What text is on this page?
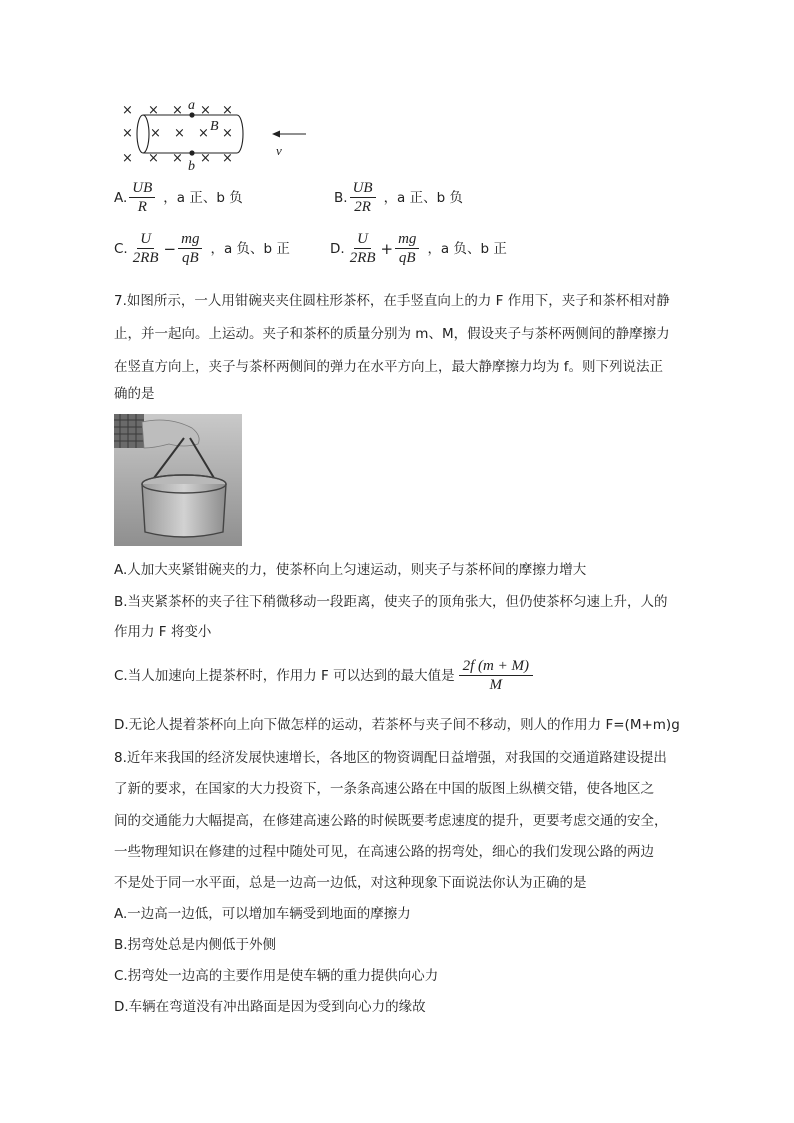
× × × × ×
× × × × ×
× × × × ×
a
b
B
v
A. $\frac{UB}{R}$ ，a 正、b 负	B. $\frac{UB}{2R}$ ，a 正、b 负
C. $\frac{U}{2RB} - \frac{mg}{qB}$ ，a 负、b 正	D. $\frac{U}{2RB} + \frac{mg}{qB}$ ，a 负、b 正
7.如图所示，一人用钳碗夹夹住圆柱形茶杯，在手竖直向上的力 F 作用下，夹子和茶杯相对静
止，并一起向。上运动。夹子和茶杯的质量分别为 m、M，假设夹子与茶杯两侧间的静摩擦力
在竖直方向上，夹子与茶杯两侧间的弹力在水平方向上，最大静摩擦力均为 f。则下列说法正
确的是
A.人加大夹紧钳碗夹的力，使茶杯向上匀速运动，则夹子与茶杯间的摩擦力增大
B.当夹紧茶杯的夹子往下稍微移动一段距离，使夹子的顶角张大，但仍使茶杯匀速上升，人的
作用力 F 将变小
C.当人加速向上提茶杯时，作用力 F 可以达到的最大值是 $\frac{2f (m + M)}{M}$
D.无论人提着茶杯向上向下做怎样的运动，若茶杯与夹子间不移动，则人的作用力 F=(M+m)g
8.近年来我国的经济发展快速增长，各地区的物资调配日益增强，对我国的交通道路建设提出
了新的要求，在国家的大力投资下，一条条高速公路在中国的版图上纵横交错，使各地区之
间的交通能力大幅提高，在修建高速公路的时候既要考虑速度的提升，更要考虑交通的安全，
一些物理知识在修建的过程中随处可见，在高速公路的拐弯处，细心的我们发现公路的两边
不是处于同一水平面，总是一边高一边低，对这种现象下面说法你认为正确的是
A.一边高一边低，可以增加车辆受到地面的摩擦力
B.拐弯处总是内侧低于外侧
C.拐弯处一边高的主要作用是使车辆的重力提供向心力
D.车辆在弯道没有冲出路面是因为受到向心力的缘故
